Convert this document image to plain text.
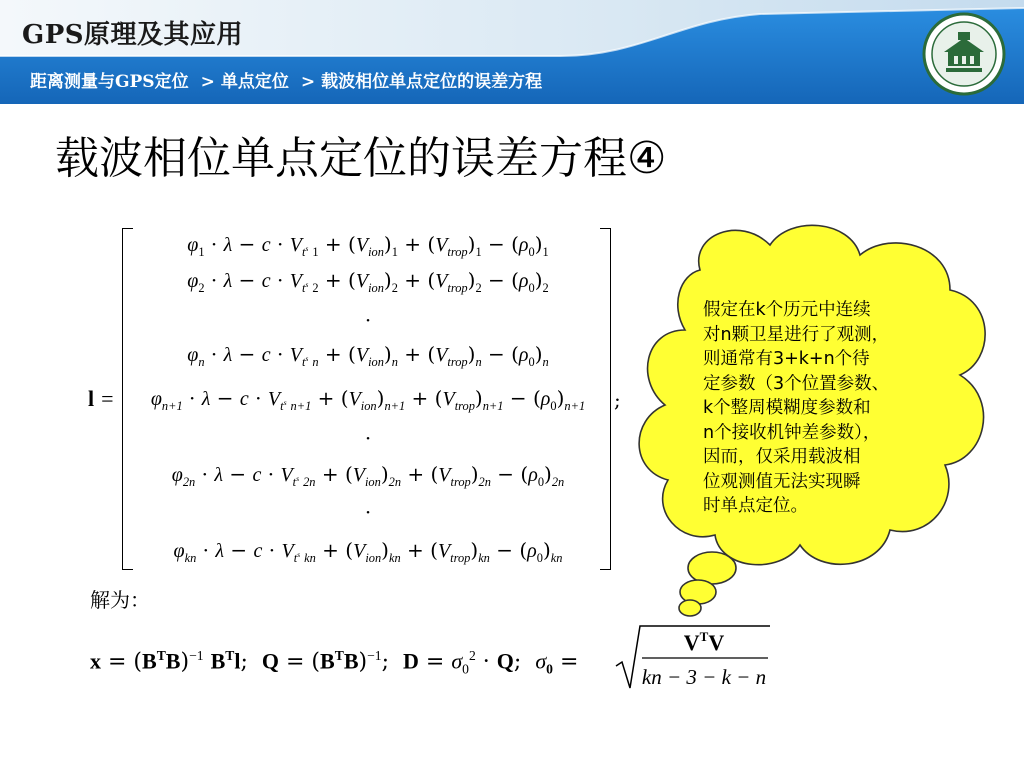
GPS原理及其应用
距离测量与GPS定位 > 单点定位 > 载波相位单点定位的误差方程
载波相位单点定位的误差方程④
l =	;
$\varphi_1 \cdot \lambda - c \cdot V_{t^s 1} + (V_{ion})_1 + (V_{trop})_1 - (\rho_0)_1$
$\varphi_2 \cdot \lambda - c \cdot V_{t^s 2} + (V_{ion})_2 + (V_{trop})_2 - (\rho_0)_2$
·
$\varphi_n \cdot \lambda - c \cdot V_{t^s n} + (V_{ion})_n + (V_{trop})_n - (\rho_0)_n$
$\varphi_{n+1} \cdot \lambda - c \cdot V_{t^s n+1} + (V_{ion})_{n+1} + (V_{trop})_{n+1} - (\rho_0)_{n+1}$
·
$\varphi_{2n} \cdot \lambda - c \cdot V_{t^s 2n} + (V_{ion})_{2n} + (V_{trop})_{2n} - (\rho_0)_{2n}$
·
$\varphi_{kn} \cdot \lambda - c \cdot V_{t^s kn} + (V_{ion})_{kn} + (V_{trop})_{kn} - (\rho_0)_{kn}$
解为：
$x = (B^TB)^{-1}$ $B^Tl$;  $Q = (B^TB)^{-1}$;  $D = \sigma_0^2 \cdot Q$;  $\sigma_0$ =
$V^TV$
kn − 3 − k − n
假定在k个历元中连续
对n颗卫星进行了观测，
则通常有3+k+n个待
定参数（3个位置参数、
k个整周模糊度参数和
n个接收机钟差参数），
因而，仅采用载波相
位观测值无法实现瞬
时单点定位。
